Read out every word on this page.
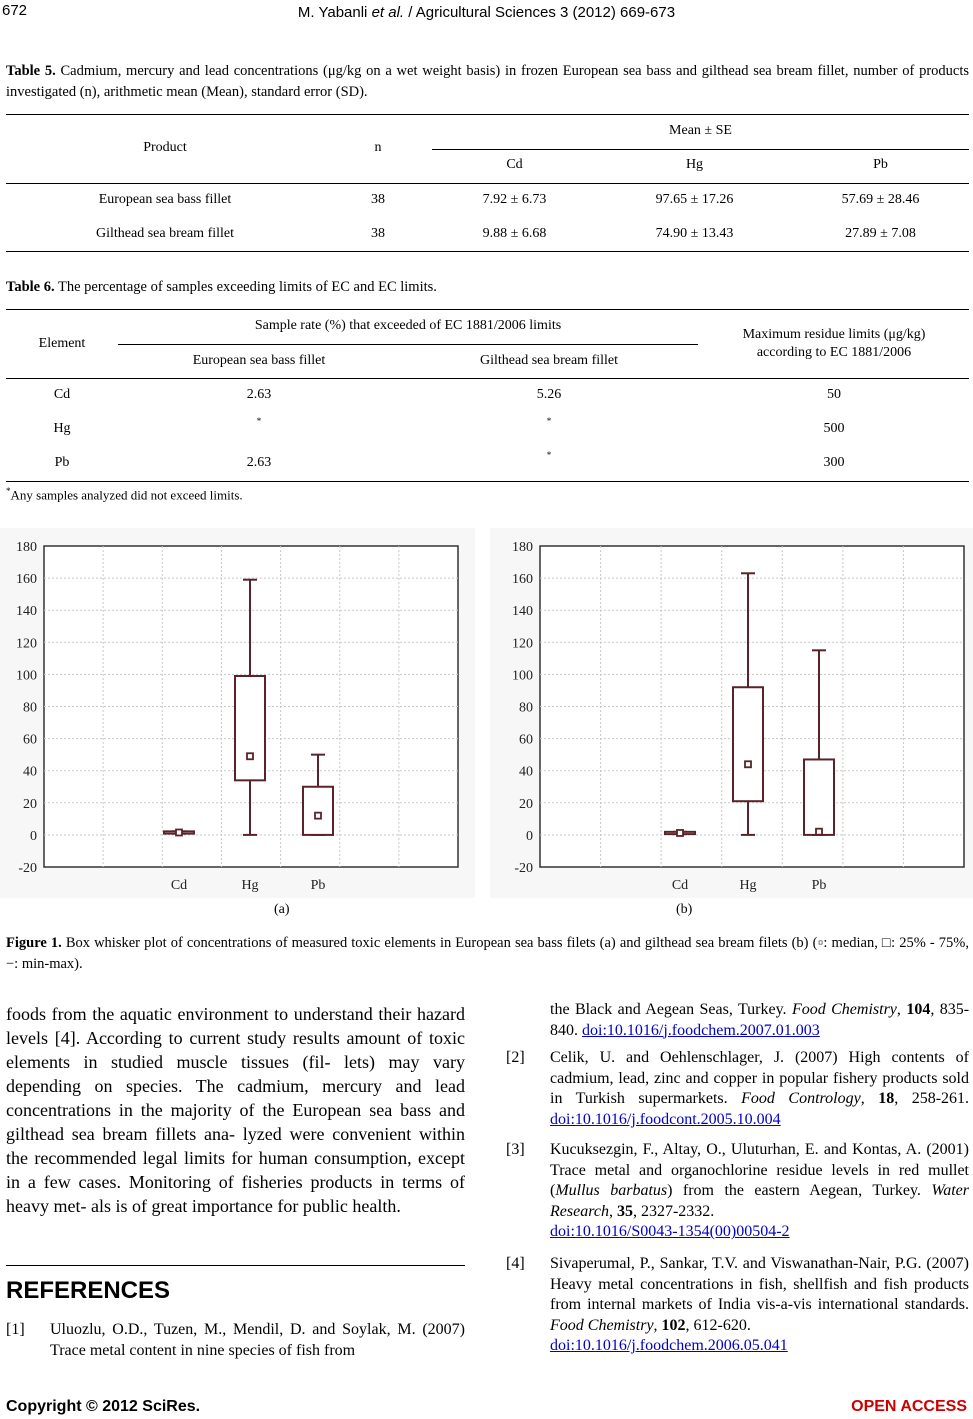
672	M. Yabanli et al. / Agricultural Sciences 3 (2012) 669-673
Table 5. Cadmium, mercury and lead concentrations (μg/kg on a wet weight basis) in frozen European sea bass and gilthead sea bream fillet, number of products investigated (n), arithmetic mean (Mean), standard error (SD).
Product	n
Mean ± SE
Cd	Hg	Pb
European sea bass fillet	38	7.92 ± 6.73	97.65 ± 17.26	57.69 ± 28.46
Gilthead sea bream fillet	38	9.88 ± 6.68	74.90 ± 13.43	27.89 ± 7.08
Table 6. The percentage of samples exceeding limits of EC and EC limits.
Element
Sample rate (%) that exceeded of EC 1881/2006 limits
European sea bass fillet	Gilthead sea bream fillet
Maximum residue limits (μg/kg) according to EC 1881/2006
Cd	2.63	5.26	50
Hg	*	*	500
Pb	2.63	*	300
*Any samples analyzed did not exceed limits.
180
160
140
120
100
80
60
40
20
0
-20
Cd	Hg	Pb
180
160
140
120
100
80
60
40
20
0
-20
Cd	Hg	Pb
(a)	(b)
Figure 1. Box whisker plot of concentrations of measured toxic elements in European sea bass filets (a) and gilthead sea bream filets (b) (▫: median, □: 25% - 75%, −: min-max).
foods from the aquatic environment to understand their hazard levels [4]. According to current study results amount of toxic elements in studied muscle tissues (fil- lets) may vary depending on species. The cadmium, mercury and lead concentrations in the majority of the European sea bass and gilthead sea bream fillets ana- lyzed were convenient within the recommended legal limits for human consumption, except in a few cases. Monitoring of fisheries products in terms of heavy met- als is of great importance for public health.
REFERENCES
[1] Uluozlu, O.D., Tuzen, M., Mendil, D. and Soylak, M. (2007) Trace metal content in nine species of fish from
the Black and Aegean Seas, Turkey. Food Chemistry, 104, 835-840. doi:10.1016/j.foodchem.2007.01.003
[2] Celik, U. and Oehlenschlager, J. (2007) High contents of cadmium, lead, zinc and copper in popular fishery products sold in Turkish supermarkets. Food Contrology, 18, 258-261. doi:10.1016/j.foodcont.2005.10.004
[3] Kucuksezgin, F., Altay, O., Uluturhan, E. and Kontas, A. (2001) Trace metal and organochlorine residue levels in red mullet (Mullus barbatus) from the eastern Aegean, Turkey. Water Research, 35, 2327-2332.
doi:10.1016/S0043-1354(00)00504-2
[4] Sivaperumal, P., Sankar, T.V. and Viswanathan-Nair, P.G. (2007) Heavy metal concentrations in fish, shellfish and fish products from internal markets of India vis-a-vis international standards. Food Chemistry, 102, 612-620.
doi:10.1016/j.foodchem.2006.05.041
Copyright © 2012 SciRes.	OPEN ACCESS
